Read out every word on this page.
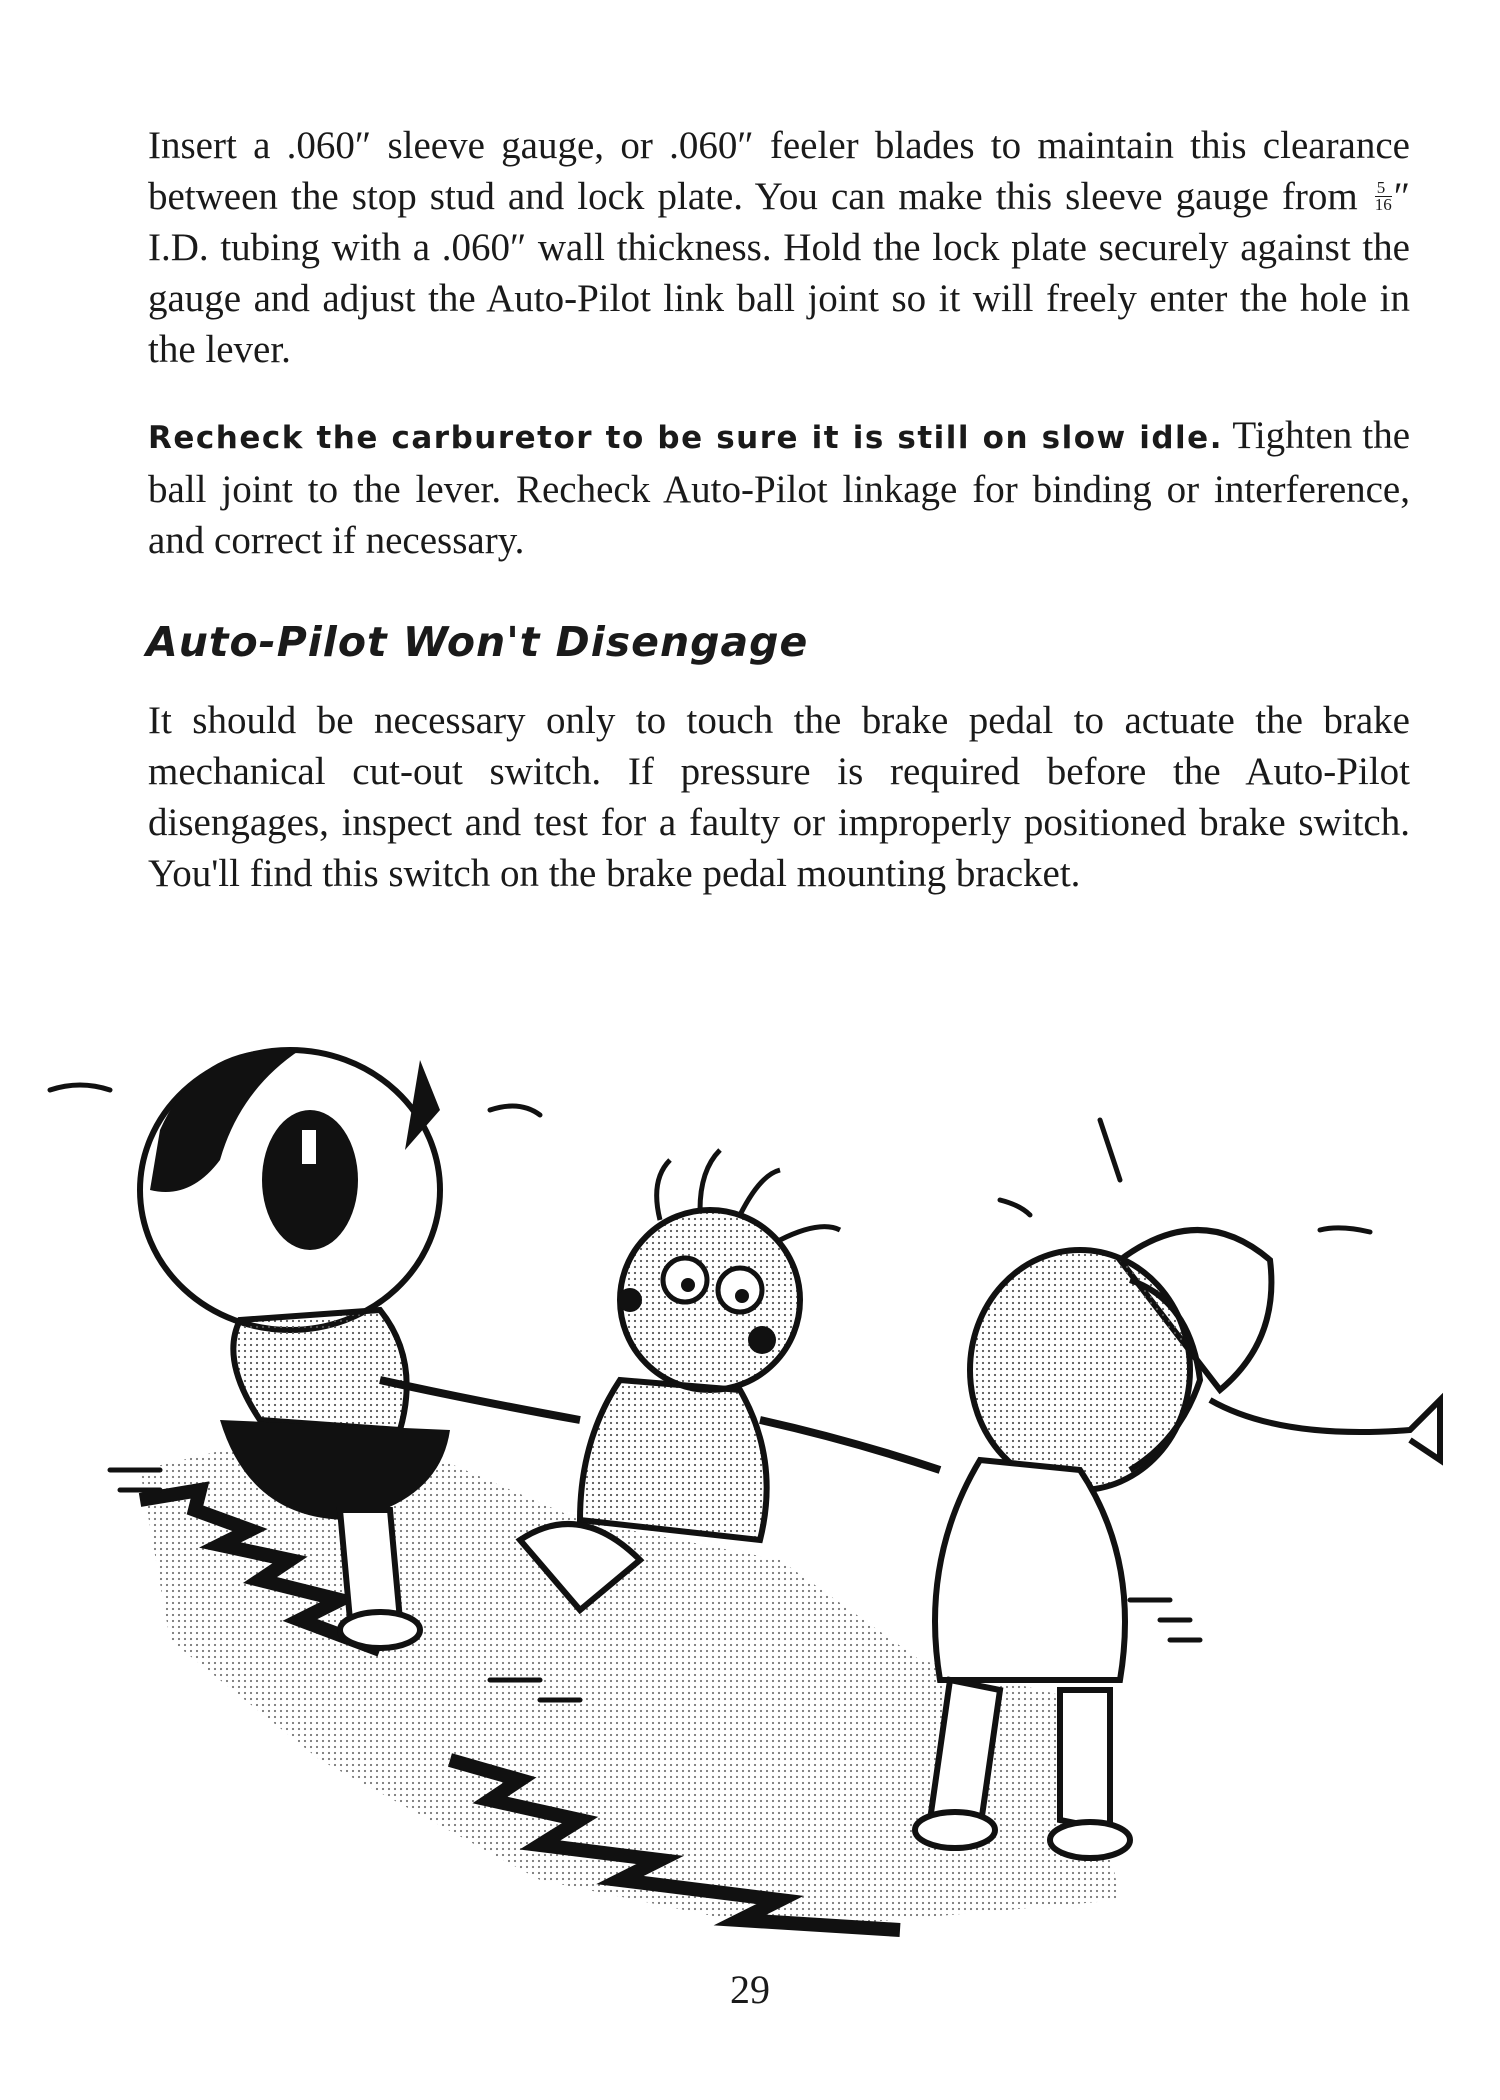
Insert a .060″ sleeve gauge, or .060″ feeler blades to maintain this clearance between the stop stud and lock plate. You can make this sleeve gauge from $\frac{5}{16}$ ″ I.D. tubing with a .060″ wall thickness. Hold the lock plate securely against the gauge and adjust the Auto-Pilot link ball joint so it will freely enter the hole in the lever.

Recheck the carburetor to be sure it is still on slow idle. Tighten the ball joint to the lever. Recheck Auto-Pilot linkage for binding or interference, and correct if necessary.

Auto-Pilot Won't Disengage

It should be necessary only to touch the brake pedal to actuate the brake mechanical cut-out switch. If pressure is required before the Auto-Pilot disengages, inspect and test for a faulty or improperly positioned brake switch. You'll find this switch on the brake pedal mounting bracket.

29
